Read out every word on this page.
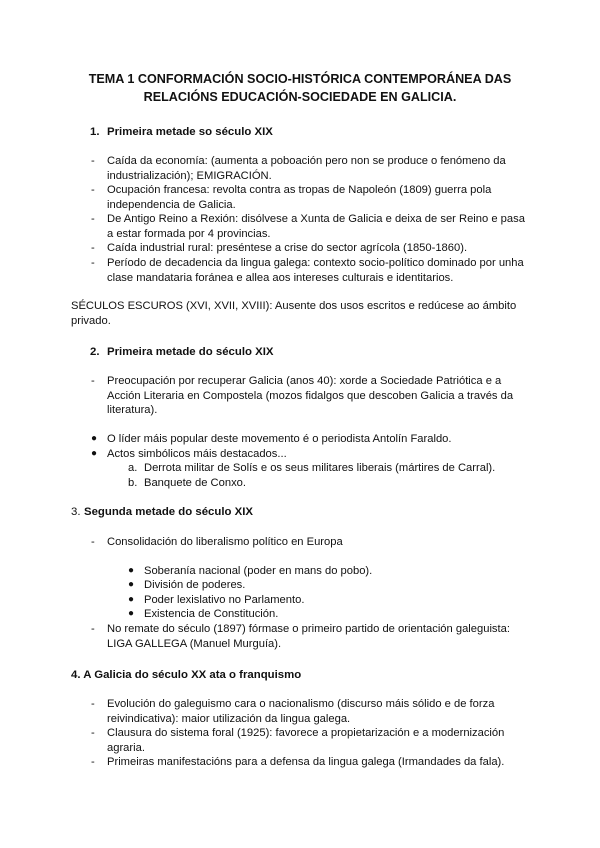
TEMA 1 CONFORMACIÓN SOCIO-HISTÓRICA CONTEMPORÁNEA DAS
RELACIÓNS EDUCACIÓN-SOCIEDADE EN GALICIA.
1. Primeira metade so século XIX
- Caída da economía: (aumenta a poboación pero non se produce o fenómeno da
industrialización); EMIGRACIÓN.
- Ocupación francesa: revolta contra as tropas de Napoleón (1809) guerra pola
independencia de Galicia.
- De Antigo Reino a Rexión: disólvese a Xunta de Galicia e deixa de ser Reino e pasa
a estar formada por 4 provincias.
- Caída industrial rural: preséntese a crise do sector agrícola (1850-1860).
- Período de decadencia da lingua galega: contexto socio-político dominado por unha
clase mandataria foránea e allea aos intereses culturais e identitarios.
SÉCULOS ESCUROS (XVI, XVII, XVIII): Ausente dos usos escritos e redúcese ao ámbito
privado.
2. Primeira metade do século XIX
- Preocupación por recuperar Galicia (anos 40): xorde a Sociedade Patriótica e a
Acción Literaria en Compostela (mozos fidalgos que descoben Galicia a través da
literatura).
● O líder máis popular deste movemento é o periodista Antolín Faraldo.
● Actos simbólicos máis destacados...
a. Derrota militar de Solís e os seus militares liberais (mártires de Carral).
b. Banquete de Conxo.
3. Segunda metade do século XIX
- Consolidación do liberalismo político en Europa
● Soberanía nacional (poder en mans do pobo).
● División de poderes.
● Poder lexislativo no Parlamento.
● Existencia de Constitución.
- No remate do século (1897) fórmase o primeiro partido de orientación galeguista:
LIGA GALLEGA (Manuel Murguía).
4. A Galicia do século XX ata o franquismo
- Evolución do galeguismo cara o nacionalismo (discurso máis sólido e de forza
reivindicativa): maior utilización da lingua galega.
- Clausura do sistema foral (1925): favorece a propietarización e a modernización
agraria.
- Primeiras manifestacións para a defensa da lingua galega (Irmandades da fala).
